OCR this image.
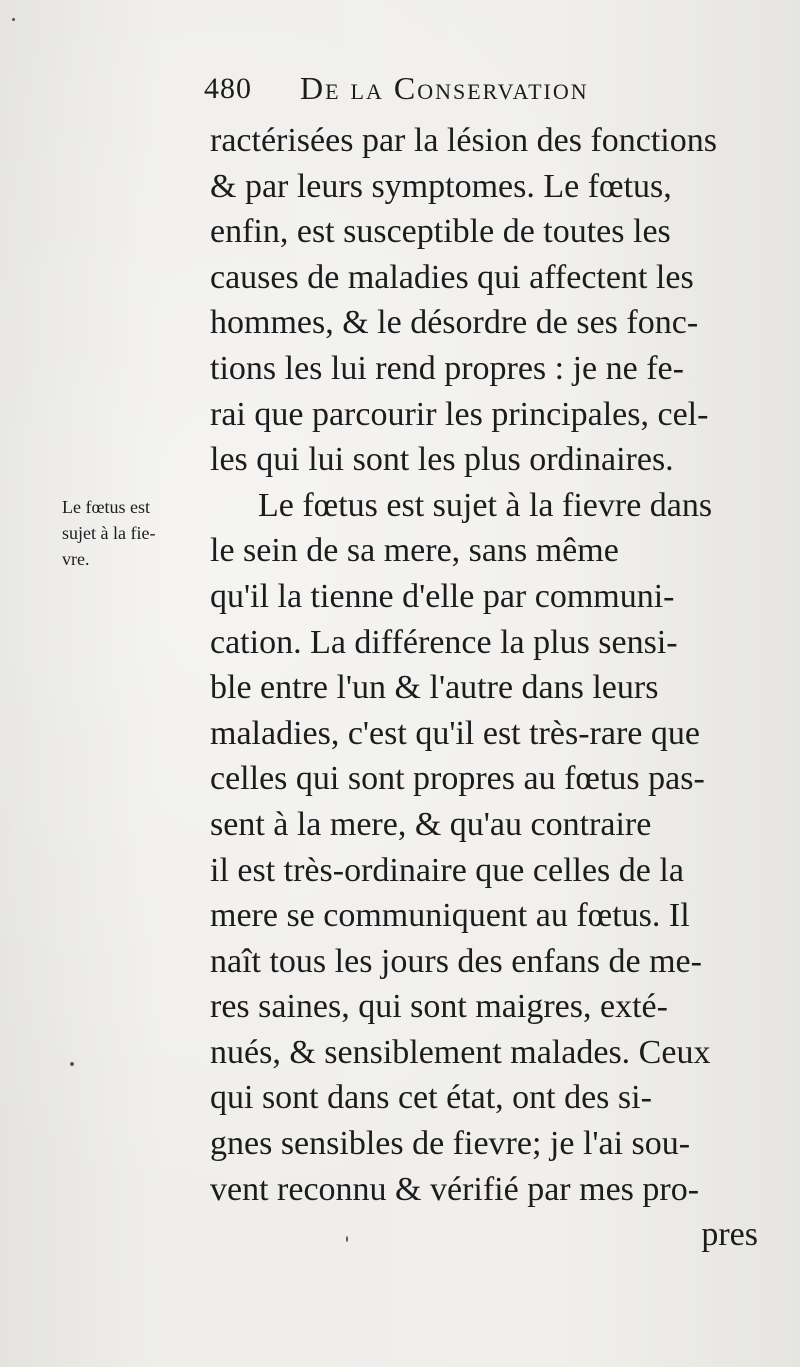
480 De la Conservation
Le fœtus est
sujet à la fie-
vre.
ractérisées par la lésion des fonctions
& par leurs symptomes. Le fœtus,
enfin, est susceptible de toutes les
causes de maladies qui affectent les
hommes, & le désordre de ses fonc-
tions les lui rend propres : je ne fe-
rai que parcourir les principales, cel-
les qui lui sont les plus ordinaires.
Le fœtus est sujet à la fievre dans
le sein de sa mere, sans même
qu'il la tienne d'elle par communi-
cation. La différence la plus sensi-
ble entre l'un & l'autre dans leurs
maladies, c'est qu'il est très-rare que
celles qui sont propres au fœtus pas-
sent à la mere, & qu'au contraire
il est très-ordinaire que celles de la
mere se communiquent au fœtus. Il
naît tous les jours des enfans de me-
res saines, qui sont maigres, exté-
nués, & sensiblement malades. Ceux
qui sont dans cet état, ont des si-
gnes sensibles de fievre; je l'ai sou-
vent reconnu & vérifié par mes pro-
pres
